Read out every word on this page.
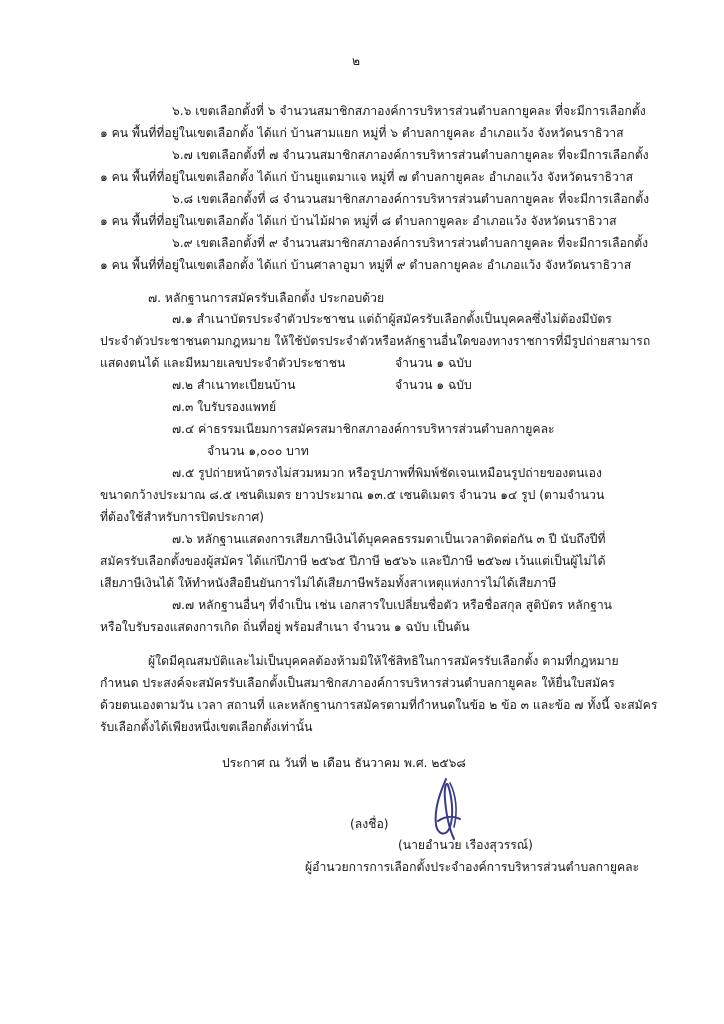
๒
๖.๖ เขตเลือกตั้งที่ ๖ จำนวนสมาชิกสภาองค์การบริหารส่วนตำบลกายูคละ ที่จะมีการเลือกตั้ง
๑ คน พื้นที่ที่อยู่ในเขตเลือกตั้ง ได้แก่ บ้านสามแยก หมู่ที่ ๖ ตำบลกายูคละ อำเภอแว้ง จังหวัดนราธิวาส
๖.๗ เขตเลือกตั้งที่ ๗ จำนวนสมาชิกสภาองค์การบริหารส่วนตำบลกายูคละ ที่จะมีการเลือกตั้ง
๑ คน พื้นที่ที่อยู่ในเขตเลือกตั้ง ได้แก่ บ้านยูแตมาแจ หมู่ที่ ๗ ตำบลกายูคละ อำเภอแว้ง จังหวัดนราธิวาส
๖.๘ เขตเลือกตั้งที่ ๘ จำนวนสมาชิกสภาองค์การบริหารส่วนตำบลกายูคละ ที่จะมีการเลือกตั้ง
๑ คน พื้นที่ที่อยู่ในเขตเลือกตั้ง ได้แก่ บ้านไม้ฝาด หมู่ที่ ๘ ตำบลกายูคละ อำเภอแว้ง จังหวัดนราธิวาส
๖.๙ เขตเลือกตั้งที่ ๙ จำนวนสมาชิกสภาองค์การบริหารส่วนตำบลกายูคละ ที่จะมีการเลือกตั้ง
๑ คน พื้นที่ที่อยู่ในเขตเลือกตั้ง ได้แก่ บ้านศาลาอูมา หมู่ที่ ๙ ตำบลกายูคละ อำเภอแว้ง จังหวัดนราธิวาส
๗. หลักฐานการสมัครรับเลือกตั้ง ประกอบด้วย
๗.๑ สำเนาบัตรประจำตัวประชาชน แต่ถ้าผู้สมัครรับเลือกตั้งเป็นบุคคลซึ่งไม่ต้องมีบัตร
ประจำตัวประชาชนตามกฎหมาย ให้ใช้บัตรประจำตัวหรือหลักฐานอื่นใดของทางราชการที่มีรูปถ่ายสามารถ
แสดงตนได้ และมีหมายเลขประจำตัวประชาชน	จำนวน ๑ ฉบับ
๗.๒ สำเนาทะเบียนบ้าน	จำนวน ๑ ฉบับ
๗.๓ ใบรับรองแพทย์
๗.๔ ค่าธรรมเนียมการสมัครสมาชิกสภาองค์การบริหารส่วนตำบลกายูคละ
จำนวน ๑,๐๐๐ บาท
๗.๕ รูปถ่ายหน้าตรงไม่สวมหมวก หรือรูปภาพที่พิมพ์ชัดเจนเหมือนรูปถ่ายของตนเอง
ขนาดกว้างประมาณ ๘.๕ เซนติเมตร ยาวประมาณ ๑๓.๕ เซนติเมตร จำนวน ๑๔ รูป (ตามจำนวน
ที่ต้องใช้สำหรับการปิดประกาศ)
๗.๖ หลักฐานแสดงการเสียภาษีเงินได้บุคคลธรรมดาเป็นเวลาติดต่อกัน ๓ ปี นับถึงปีที่
สมัครรับเลือกตั้งของผู้สมัคร ได้แก่ปีภาษี ๒๕๖๕ ปีภาษี ๒๕๖๖ และปีภาษี ๒๕๖๗ เว้นแต่เป็นผู้ไม่ได้
เสียภาษีเงินได้ ให้ทำหนังสือยืนยันการไม่ได้เสียภาษีพร้อมทั้งสาเหตุแห่งการไม่ได้เสียภาษี
๗.๗ หลักฐานอื่นๆ ที่จำเป็น เช่น เอกสารใบเปลี่ยนชื่อตัว หรือชื่อสกุล สูติบัตร หลักฐาน
หรือใบรับรองแสดงการเกิด ถิ่นที่อยู่ พร้อมสำเนา จำนวน ๑ ฉบับ เป็นต้น
ผู้ใดมีคุณสมบัติและไม่เป็นบุคคลต้องห้ามมิให้ใช้สิทธิในการสมัครรับเลือกตั้ง ตามที่กฎหมาย
กำหนด ประสงค์จะสมัครรับเลือกตั้งเป็นสมาชิกสภาองค์การบริหารส่วนตำบลกายูคละ ให้ยื่นใบสมัคร
ด้วยตนเองตามวัน เวลา สถานที่ และหลักฐานการสมัครตามที่กำหนดในข้อ ๒ ข้อ ๓ และข้อ ๗ ทั้งนี้ จะสมัคร
รับเลือกตั้งได้เพียงหนึ่งเขตเลือกตั้งเท่านั้น
ประกาศ ณ วันที่ ๒ เดือน ธันวาคม พ.ศ. ๒๕๖๘
(ลงชื่อ)
(นายอำนวย เรืองสุวรรณ์)
ผู้อำนวยการการเลือกตั้งประจำองค์การบริหารส่วนตำบลกายูคละ
